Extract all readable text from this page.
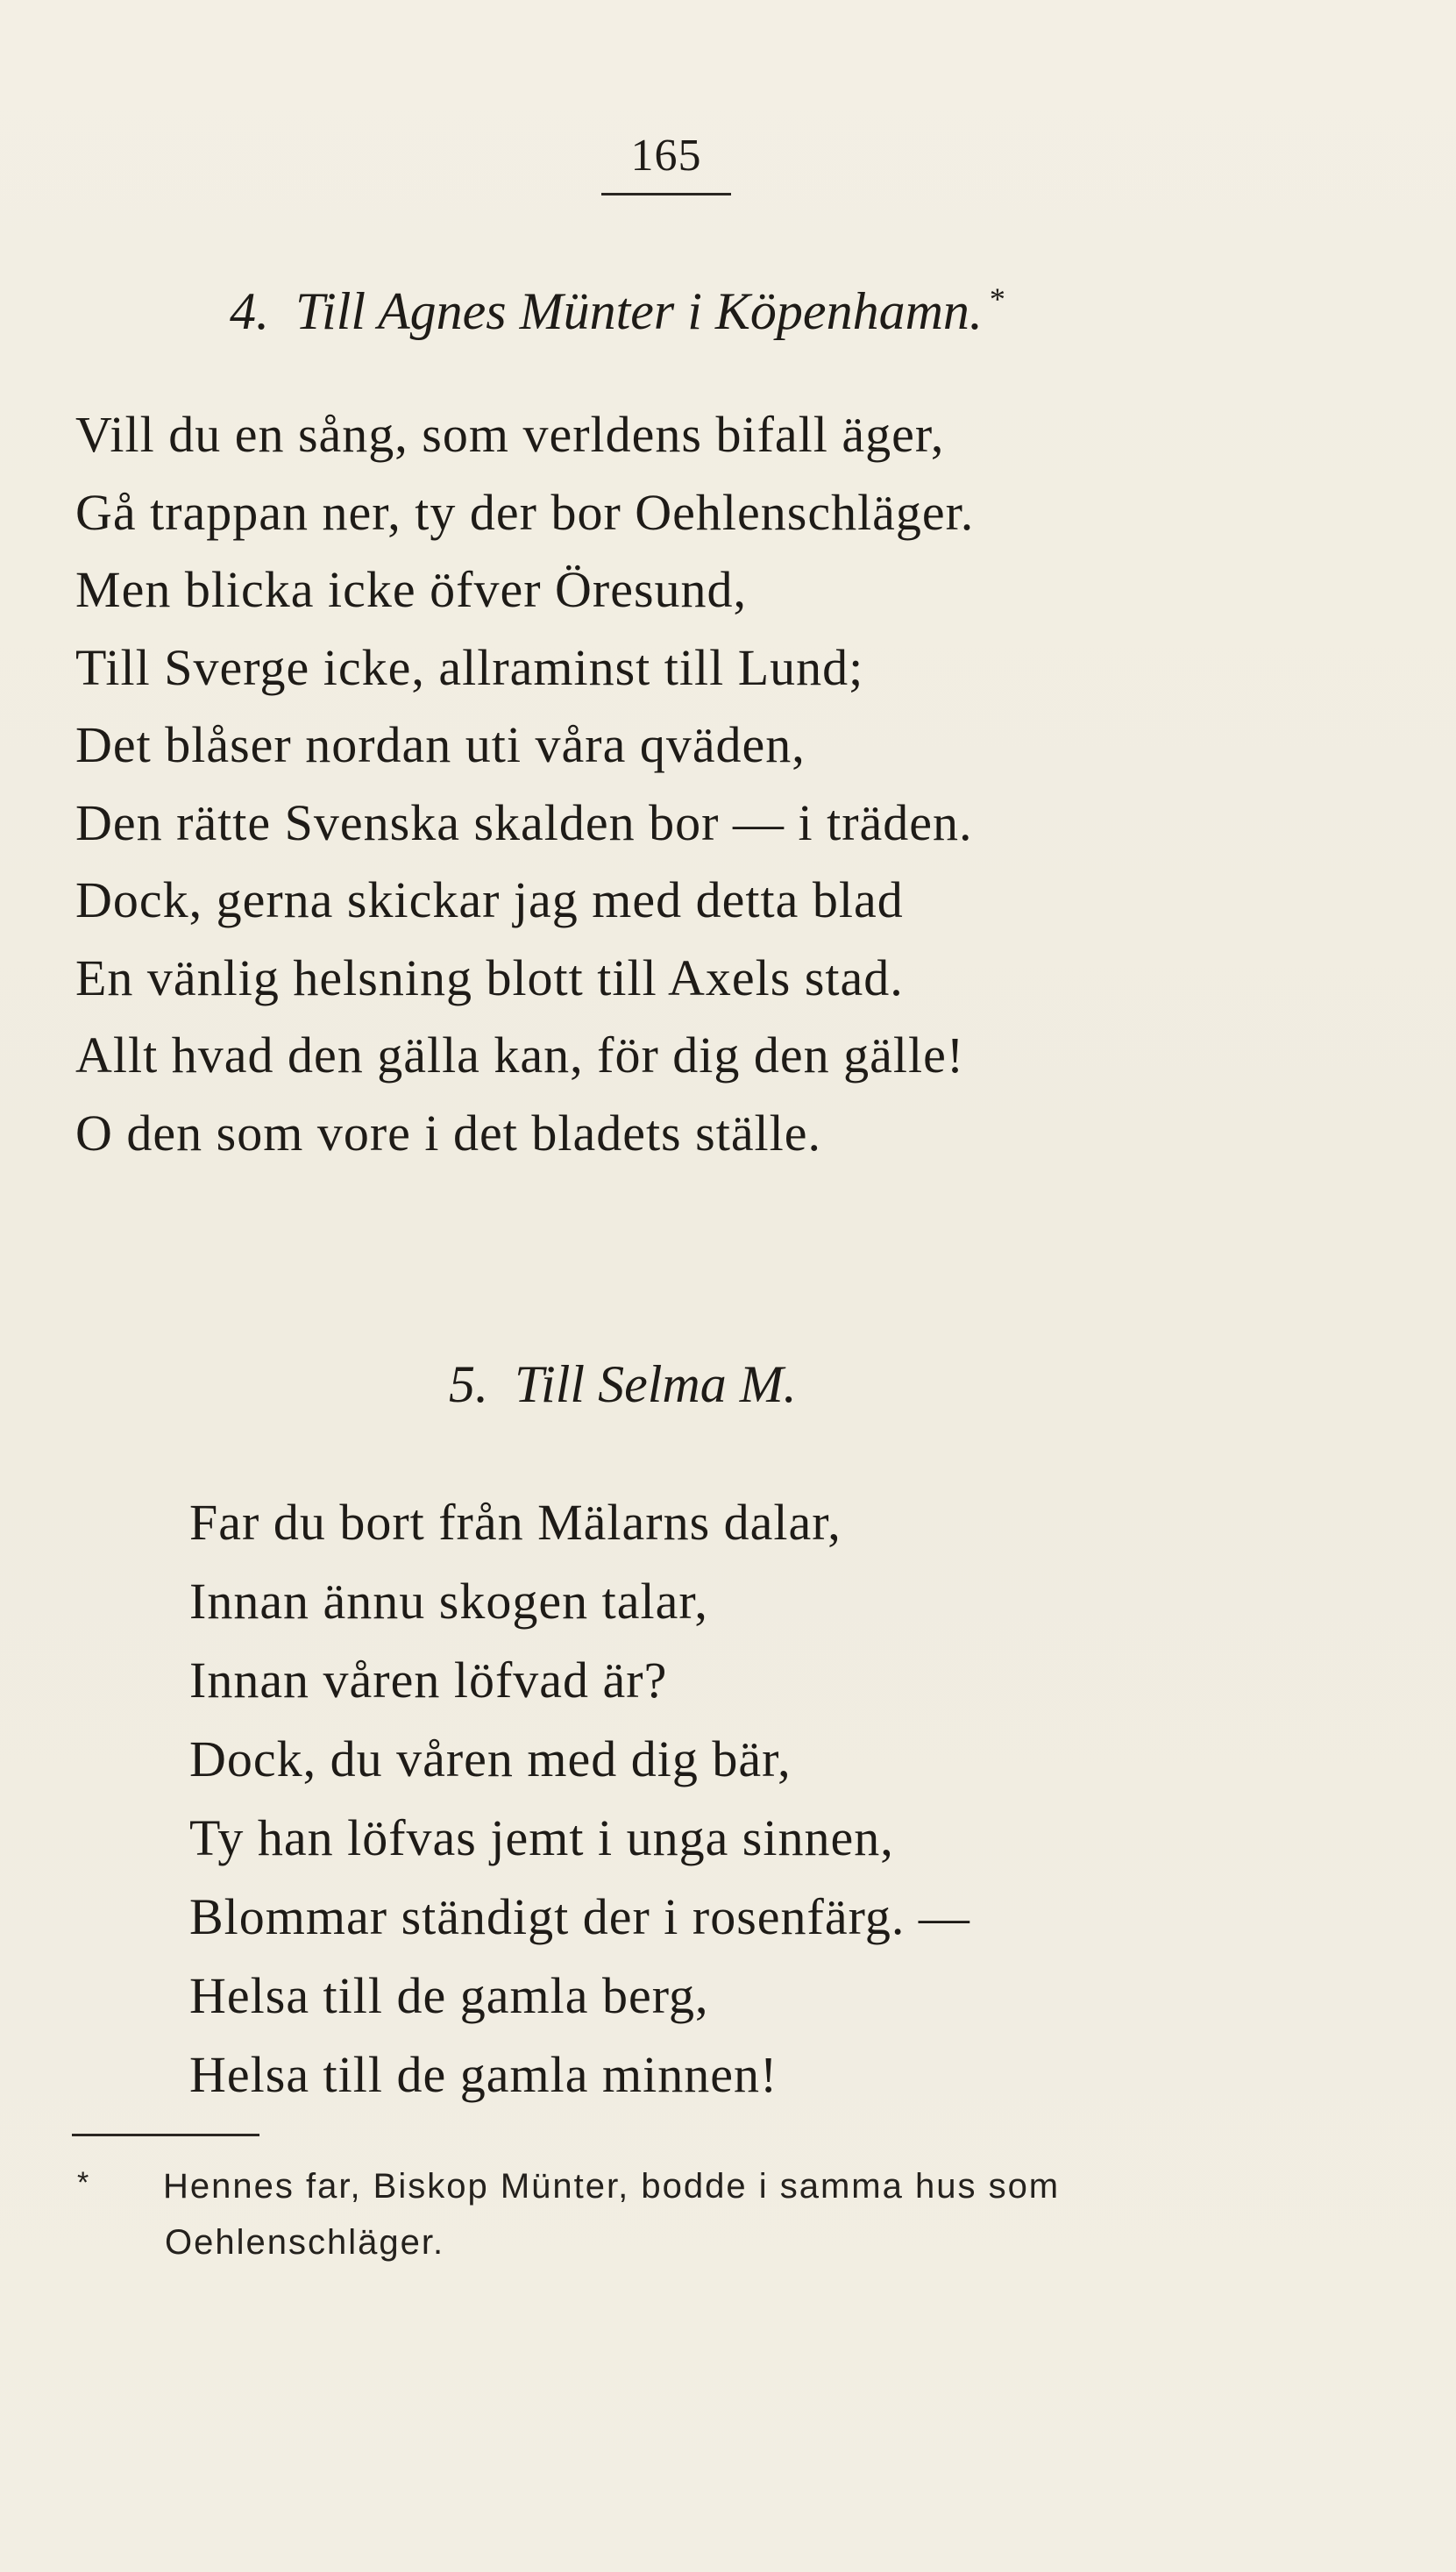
165
4. Till Agnes Münter i Köpenhamn. *
Vill du en sång, som verldens bifall äger,
Gå trappan ner, ty der bor Oehlenschläger.
Men blicka icke öfver Öresund,
Till Sverge icke, allraminst till Lund;
Det blåser nordan uti våra qväden,
Den rätte Svenska skalden bor — i träden.
Dock, gerna skickar jag med detta blad
En vänlig helsning blott till Axels stad.
Allt hvad den gälla kan, för dig den gälle!
O den som vore i det bladets ställe.
5. Till Selma M.
Far du bort från Mälarns dalar,
Innan ännu skogen talar,
Innan våren löfvad är?
Dock, du våren med dig bär,
Ty han löfvas jemt i unga sinnen,
Blommar ständigt der i rosenfärg. —
Helsa till de gamla berg,
Helsa till de gamla minnen!
* Hennes far, Biskop Münter, bodde i samma hus som

Oehlenschläger.
